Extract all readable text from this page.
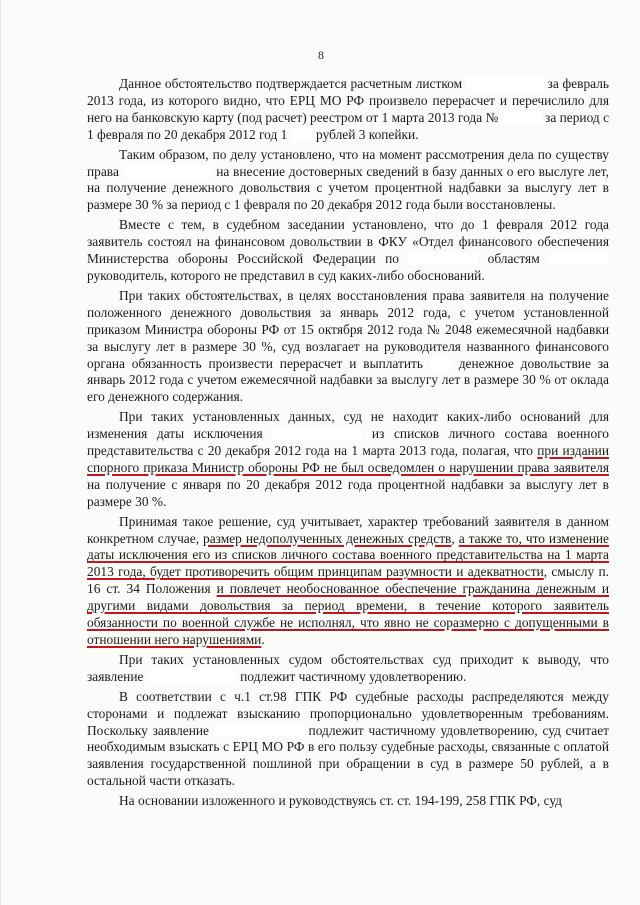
8

Данное обстоятельство подтверждается расчетным листком	за февраль 2013 года, из которого видно, что ЕРЦ МО РФ произвело перерасчет и перечислило для него на банковскую карту (под расчет) реестром от 1 марта 2013 года №	за период с 1 февраля по 20 декабря 2012 год 1  рублей 3 копейки.

Таким образом, по делу установлено, что на момент рассмотрения дела по существу права	на внесение достоверных сведений в базу данных о его выслуге лет, на получение денежного довольствия с учетом процентной надбавки за выслугу лет в размере 30 % за период с 1 февраля по 20 декабря 2012 года были восстановлены.

Вместе с тем, в судебном заседании установлено, что до 1 февраля 2012 года заявитель состоял на финансовом довольствии в ФКУ «Отдел финансового обеспечения Министерства обороны Российской Федерации по	областям  руководитель, которого не представил в суд каких-либо обоснований.

При таких обстоятельствах, в целях восстановления права заявителя на получение положенного денежного довольствия за январь 2012 года, с учетом установленной приказом Министра обороны РФ от 15 октября 2012 года № 2048 ежемесячной надбавки за выслугу лет в размере 30 %, суд возлагает на руководителя названного финансового органа обязанность произвести перерасчет и выплатить  денежное довольствие за январь 2012 года с учетом ежемесячной надбавки за выслугу лет в размере 30 % от оклада его денежного содержания.

При таких установленных данных, суд не находит каких-либо оснований для изменения даты исключения	из списков личного состава военного представительства с 20 декабря 2012 года на 1 марта 2013 года, полагая, что при издании спорного приказа Министр обороны РФ не был осведомлен о нарушении права заявителя на получение с января по 20 декабря 2012 года процентной надбавки за выслугу лет в размере 30 %.

Принимая такое решение, суд учитывает, характер требований заявителя в данном конкретном случае, размер недополученных денежных средств, а также то, что изменение даты исключения его из списков личного состава военного представительства на 1 марта 2013 года, будет противоречить общим принципам разумности и адекватности, смыслу п. 16 ст. 34 Положения и повлечет необоснованное обеспечение гражданина денежным и другими видами довольствия за период времени, в течение которого заявитель обязанности по военной службе не исполнял, что явно не соразмерно с допущенными в отношении него нарушениями.

При таких установленных судом обстоятельствах суд приходит к выводу, что заявление	подлежит частичному удовлетворению.

В соответствии с ч.1 ст.98 ГПК РФ судебные расходы распределяются между сторонами и подлежат взысканию пропорционально удовлетворенным требованиям. Поскольку заявление	подлежит частичному удовлетворению, суд считает необходимым взыскать с ЕРЦ МО РФ в его пользу судебные расходы, связанные с оплатой заявления государственной пошлиной при обращении в суд в размере 50 рублей, а в остальной части отказать.

На основании изложенного и руководствуясь ст. ст. 194-199, 258 ГПК РФ, суд
